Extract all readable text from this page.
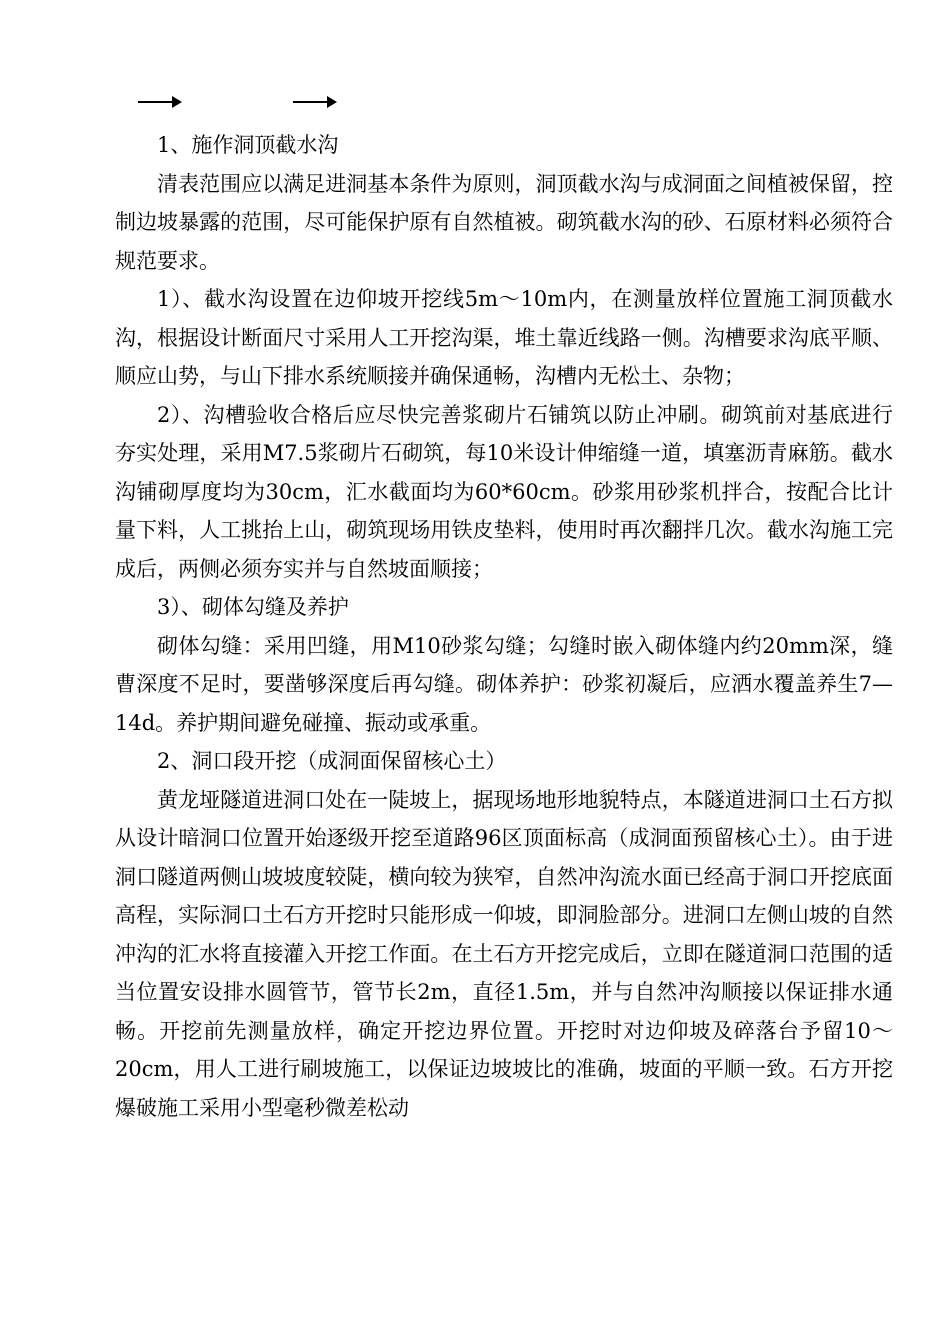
1、施作洞顶截水沟

清表范围应以满足进洞基本条件为原则，洞顶截水沟与成洞面之间植被保留，控制边坡暴露的范围，尽可能保护原有自然植被。砌筑截水沟的砂、石原材料必须符合规范要求。

1）、截水沟设置在边仰坡开挖线5m～10m内，在测量放样位置施工洞顶截水沟，根据设计断面尺寸采用人工开挖沟渠，堆土靠近线路一侧。沟槽要求沟底平顺、顺应山势，与山下排水系统顺接并确保通畅，沟槽内无松土、杂物；

2）、沟槽验收合格后应尽快完善浆砌片石铺筑以防止冲刷。砌筑前对基底进行夯实处理，采用M7.5浆砌片石砌筑，每10米设计伸缩缝一道，填塞沥青麻筋。截水沟铺砌厚度均为30cm，汇水截面均为60*60cm。砂浆用砂浆机拌合，按配合比计量下料，人工挑抬上山，砌筑现场用铁皮垫料，使用时再次翻拌几次。截水沟施工完成后，两侧必须夯实并与自然坡面顺接；

3）、砌体勾缝及养护

砌体勾缝：采用凹缝，用M10砂浆勾缝；勾缝时嵌入砌体缝内约20mm深，缝曹深度不足时，要凿够深度后再勾缝。砌体养护：砂浆初凝后，应洒水覆盖养生7—14d。养护期间避免碰撞、振动或承重。

2、洞口段开挖（成洞面保留核心土）

黄龙垭隧道进洞口处在一陡坡上，据现场地形地貌特点，本隧道进洞口土石方拟从设计暗洞口位置开始逐级开挖至道路96区顶面标高（成洞面预留核心土）。由于进洞口隧道两侧山坡坡度较陡，横向较为狭窄，自然冲沟流水面已经高于洞口开挖底面高程，实际洞口土石方开挖时只能形成一仰坡，即洞脸部分。进洞口左侧山坡的自然冲沟的汇水将直接灌入开挖工作面。在土石方开挖完成后，立即在隧道洞口范围的适当位置安设排水圆管节，管节长2m，直径1.5m，并与自然冲沟顺接以保证排水通畅。开挖前先测量放样，确定开挖边界位置。开挖时对边仰坡及碎落台予留10～20cm，用人工进行刷坡施工，以保证边坡坡比的准确，坡面的平顺一致。石方开挖爆破施工采用小型毫秒微差松动
